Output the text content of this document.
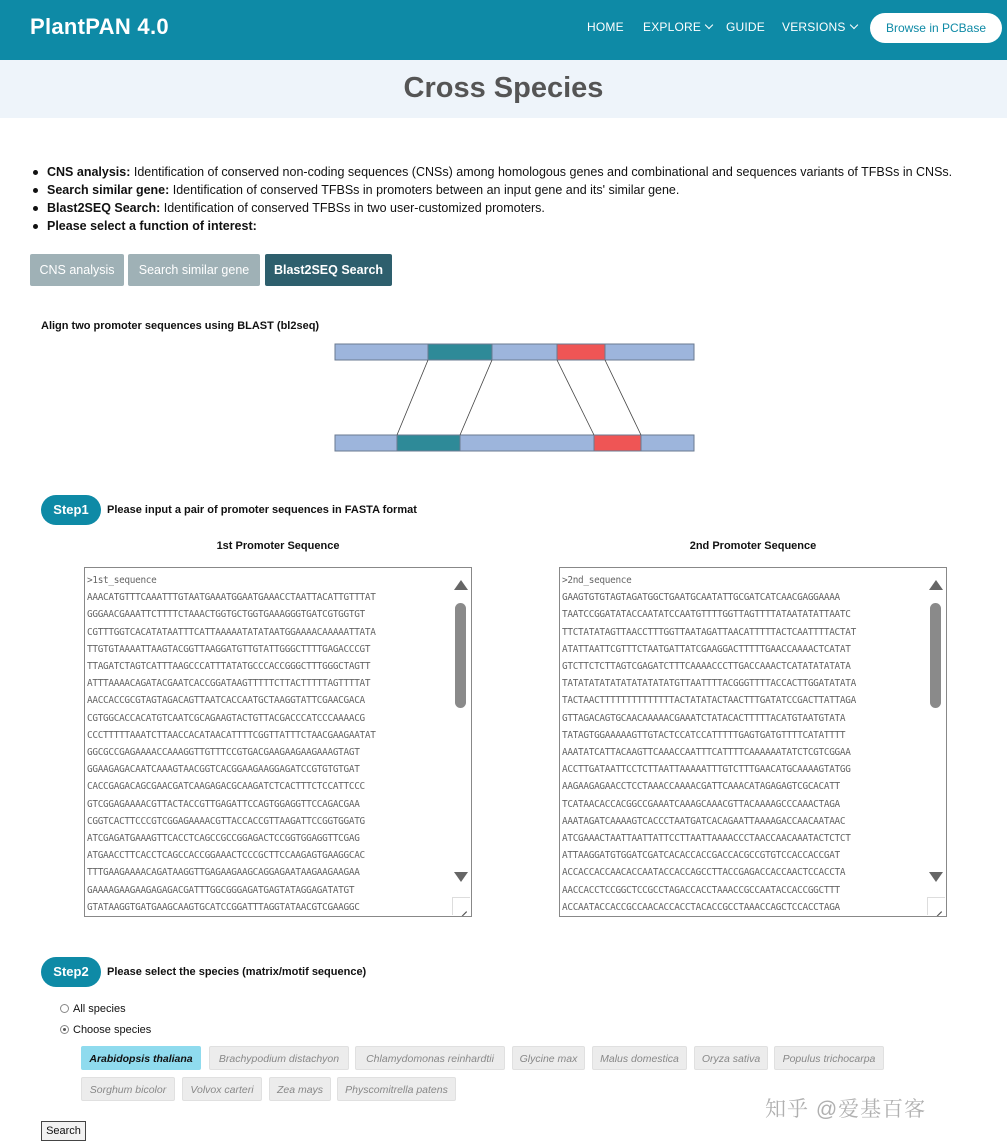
PlantPAN 4.0	HOME EXPLORE	GUIDE VERSIONS	Browse in PCBase
Cross Species
CNS analysis: Identification of conserved non-coding sequences (CNSs) among homologous genes and combinational and sequences variants of TFBSs in CNSs.
Search similar gene: Identification of conserved TFBSs in promoters between an input gene and its' similar gene.
Blast2SEQ Search: Identification of conserved TFBSs in two user-customized promoters.
Please select a function of interest:
CNS analysis	Search similar gene	Blast2SEQ Search
Align two promoter sequences using BLAST (bl2seq)
Step1	Please input a pair of promoter sequences in FASTA format
1st Promoter Sequence	2nd Promoter Sequence
>1st_sequence
AAACATGTTTCAAATTTGTAATGAAATGGAATGAAACCTAATTACATTGTTTAT
GGGAACGAAATTCTTTTCTAAACTGGTGCTGGTGAAAGGGTGATCGTGGTGT
CGTTTGGTCACATATAATTTCATTAAAAATATATAATGGAAAACAAAAATTATA
TTGTGTAAAATTAAGTACGGTTAAGGATGTTGTATTGGGCTTTTGAGACCCGT
TTAGATCTAGTCATTTAAGCCCATTTATATGCCCACCGGGCTTTGGGCTAGTT
ATTTAAAACAGATACGAATCACCGGATAAGTTTTTCTTACTTTTTAGTTTTAT
AACCACCGCGTAGTAGACAGTTAATCACCAATGCTAAGGTATTCGAACGACA
CGTGGCACCACATGTCAATCGCAGAAGTACTGTTACGACCCATCCCAAAACG
CCCTTTTTAAATCTTAACCACATAACATTTTCGGTTATTTCTAACGAAGAATAT
GGCGCCGAGAAAACCAAAGGTTGTTTCCGTGACGAAGAAGAAGAAAGTAGT
GGAAGAGACAATCAAAGTAACGGTCACGGAAGAAGGAGATCCGTGTGTGAT
CACCGAGACAGCGAACGATCAAGAGACGCAAGATCTCACTTTCTCCATTCCC
GTCGGAGAAAACGTTACTACCGTTGAGATTCCAGTGGAGGTTCCAGACGAA
CGGTCACTTCCCGTCGGAGAAAACGTTACCACCGTTAAGATTCCGGTGGATG
ATCGAGATGAAAGTTCACCTCAGCCGCCGGAGACTCCGGTGGAGGTTCGAG
ATGAACCTTCACCTCAGCCACCGGAAACTCCCGCTTCCAAGAGTGAAGGCAC
TTTGAAGAAAACAGATAAGGTTGAGAAGAAGCAGGAGAATAAGAAGAAGAA
GAAAAGAAGAAGAGAGACGATTTGGCGGGAGATGAGTATAGGAGATATGT
GTATAAGGTGATGAAGCAAGTGCATCCGGATTTAGGTATAACGTCGAAGGC
>2nd_sequence
GAAGTGTGTAGTAGATGGCTGAATGCAATATTGCGATCATCAACGAGGAAAA
TAATCCGGATATACCAATATCCAATGTTTTGGTTAGTTTTATAATATATTAATC
TTCTATATAGTTAACCTTTGGTTAATAGATTAACATTTTTACTCAATTTTACTAT
ATATTAATTCGTTTCTAATGATTATCGAAGGACTTTTTGAACCAAAACTCATAT
GTCTTCTCTTAGTCGAGATCTTTCAAAACCCTTGACCAAACTCATATATATATA
TATATATATATATATATATATGTTAATTTTACGGGTTTTACCACTTGGATATATA
TACTAACTTTTTTTTTTTTTTACTATATACTAACTTTGATATCCGACTTATTAGA
GTTAGACAGTGCAACAAAAACGAAATCTATACACTTTTTACATGTAATGTATA
TATAGTGGAAAAAGTTGTACTCCATCCATTTTTGAGTGATGTTTTCATATTTT
AAATATCATTACAAGTTCAAACCAATTTCATTTTCAAAAAATATCTCGTCGGAA
ACCTTGATAATTCCTCTTAATTAAAAATTTGTCTTTGAACATGCAAAAGTATGG
AAGAAGAGAACCTCCTAAACCAAAACGATTCAAACATAGAGAGTCGCACATT
TCATAACACCACGGCCGAAATCAAAGCAAACGTTACAAAAGCCCAAACTAGA
AAATAGATCAAAAGTCACCCTAATGATCACAGAATTAAAAGACCAACAATAAC
ATCGAAACTAATTAATTATTCCTTAATTAAAACCCTAACCAACAAATACTCTCT
ATTAAGGATGTGGATCGATCACACCACCGACCACGCCGTGTCCACCACCGAT
ACCACCACCAACACCAATACCACCAGCCTTACCGAGACCACCAACTCCACCTA
AACCACCTCCGGCTCCGCCTAGACCACCTAAACCGCCAATACCACCGGCTTT
ACCAATACCACCGCCAACACCACCTACACCGCCTAAACCAGCTCCACCTAGA
Step2	Please select the species (matrix/motif sequence)
All species
Choose species
Arabidopsis thaliana	Brachypodium distachyon	Chlamydomonas reinhardtii	Glycine max	Malus domestica	Oryza sativa	Populus trichocarpa
Sorghum bicolor	Volvox carteri	Zea mays	Physcomitrella patens
Search
知乎 @爱基百客
